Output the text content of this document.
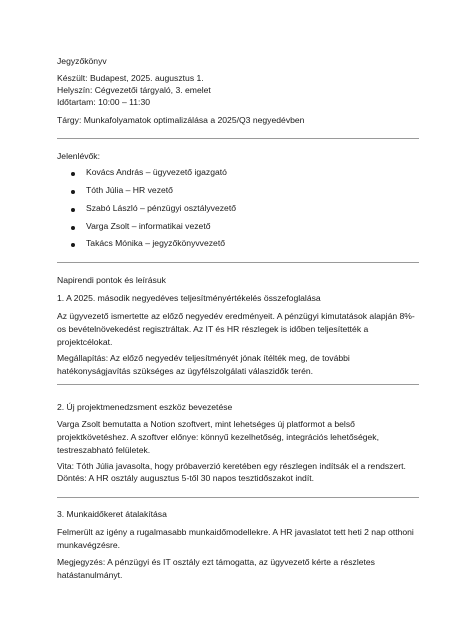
Jegyzőkönyv
Készült: Budapest, 2025. augusztus 1.
Helyszín: Cégvezetői tárgyaló, 3. emelet
Időtartam: 10:00 – 11:30
Tárgy: Munkafolyamatok optimalizálása a 2025/Q3 negyedévben
Jelenlévők:
Kovács András – ügyvezető igazgató
Tóth Júlia – HR vezető
Szabó László – pénzügyi osztályvezető
Varga Zsolt – informatikai vezető
Takács Mónika – jegyzőkönyvvezető
Napirendi pontok és leírásuk
1. A 2025. második negyedéves teljesítményértékelés összefoglalása
Az ügyvezető ismertette az előző negyedév eredményeit. A pénzügyi kimutatások alapján 8%-os bevételnövekedést regisztráltak. Az IT és HR részlegek is időben teljesítették a projektcélokat.
Megállapítás: Az előző negyedév teljesítményét jónak ítélték meg, de további hatékonyságjavítás szükséges az ügyfélszolgálati válaszidők terén.
2. Új projektmenedzsment eszköz bevezetése
Varga Zsolt bemutatta a Notion szoftvert, mint lehetséges új platformot a belső projektkövetéshez. A szoftver előnye: könnyű kezelhetőség, integrációs lehetőségek, testreszabható felületek.
Vita: Tóth Júlia javasolta, hogy próbaverzió keretében egy részlegen indítsák el a rendszert.
Döntés: A HR osztály augusztus 5-től 30 napos tesztidőszakot indít.
3. Munkaidőkeret átalakítása
Felmerült az igény a rugalmasabb munkaidőmodellekre. A HR javaslatot tett heti 2 nap otthoni munkavégzésre.
Megjegyzés: A pénzügyi és IT osztály ezt támogatta, az ügyvezető kérte a részletes hatástanulmányt.
